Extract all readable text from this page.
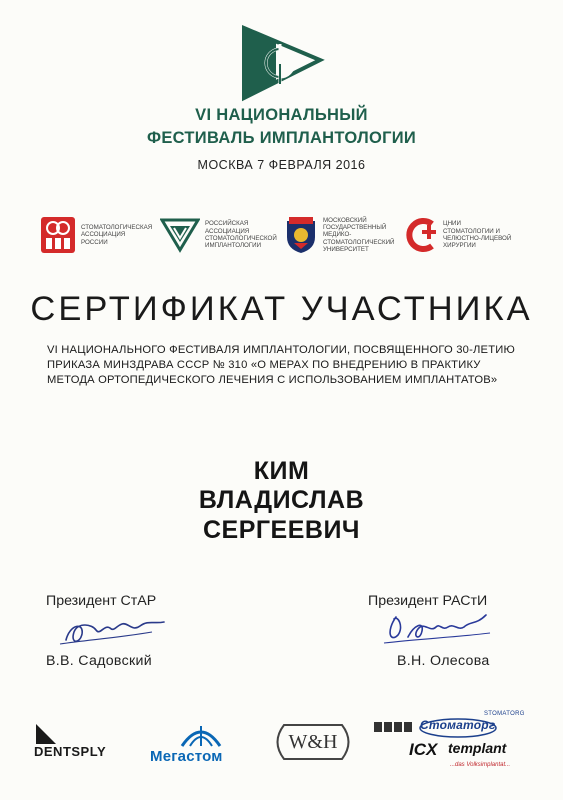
VI НАЦИОНАЛЬНЫЙ
ФЕСТИВАЛЬ ИМПЛАНТОЛОГИИ
МОСКВА 7 ФЕВРАЛЯ 2016
СТОМАТОЛОГИЧЕСКАЯ
АССОЦИАЦИЯ
РОССИИ
РОССИЙСКАЯ
АССОЦИАЦИЯ
СТОМАТОЛОГИЧЕСКОЙ
ИМПЛАНТОЛОГИИ
МОСКОВСКИЙ
ГОСУДАРСТВЕННЫЙ
МЕДИКО-
СТОМАТОЛОГИЧЕСКИЙ
УНИВЕРСИТЕТ
ЦНИИ
СТОМАТОЛОГИИ И
ЧЕЛЮСТНО-ЛИЦЕВОЙ
ХИРУРГИИ
СЕРТИФИКАТ УЧАСТНИКА
VI НАЦИОНАЛЬНОГО ФЕСТИВАЛЯ ИМПЛАНТОЛОГИИ, ПОСВЯЩЕННОГО 30-ЛЕТИЮ ПРИКАЗА МИНЗДРАВА СССР № 310 «О МЕРАХ ПО ВНЕДРЕНИЮ В ПРАКТИКУ МЕТОДА ОРТОПЕДИЧЕСКОГО ЛЕЧЕНИЯ С ИСПОЛЬЗОВАНИЕМ ИМПЛАНТАТОВ»
КИМ
ВЛАДИСЛАВ
СЕРГЕЕВИЧ
Президент СтАР
В.В. Садовский
Президент РАСтИ
В.Н. Олесова
DENTSPLY	Мегастом
W&H
STOMATORG
Стоматорг
ICX templant
...das Volksimplantat...
